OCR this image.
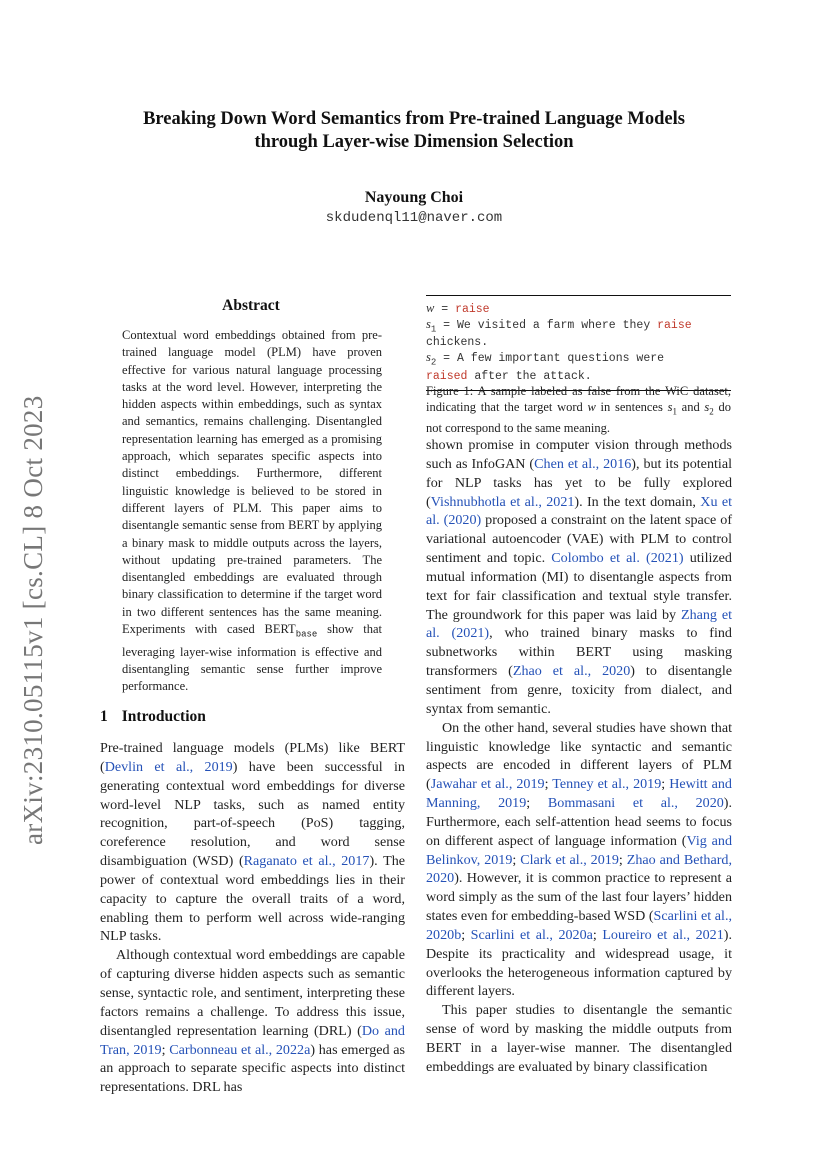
arXiv:2310.05115v1 [cs.CL] 8 Oct 2023
Breaking Down Word Semantics from Pre-trained Language Models
through Layer-wise Dimension Selection
Nayoung Choi
skdudenql11@naver.com
Abstract
Contextual word embeddings obtained from pre-trained language model (PLM) have proven effective for various natural language processing tasks at the word level. However, interpreting the hidden aspects within embeddings, such as syntax and semantics, remains challenging. Disentangled representation learning has emerged as a promising approach, which separates specific aspects into distinct embeddings. Furthermore, different linguistic knowledge is believed to be stored in different layers of PLM. This paper aims to disentangle semantic sense from BERT by applying a binary mask to middle outputs across the layers, without updating pre-trained parameters. The disentangled embeddings are evaluated through binary classification to determine if the target word in two different sentences has the same meaning. Experiments with cased $BERT_{base}$ show that leveraging layer-wise information is effective and disentangling semantic sense further improve performance.
1 Introduction

Pre-trained language models (PLMs) like BERT (Devlin et al., 2019) have been successful in generating contextual word embeddings for diverse word-level NLP tasks, such as named entity recognition, part-of-speech (PoS) tagging, coreference resolution, and word sense disambiguation (WSD) (Raganato et al., 2017). The power of contextual word embeddings lies in their capacity to capture the overall traits of a word, enabling them to perform well across wide-ranging NLP tasks.

Although contextual word embeddings are capable of capturing diverse hidden aspects such as semantic sense, syntactic role, and sentiment, interpreting these factors remains a challenge. To address this issue, disentangled representation learning (DRL) (Do and Tran, 2019; Carbonneau et al., 2022a) has emerged as an approach to separate specific aspects into distinct representations. DRL has

w = raise
$s_1 = We$ visited a farm where they raise
chickens.
$s_2 = A$ few important questions were
raised after the attack.
Figure 1: A sample labeled as false from the WiC dataset, indicating that the target word w in sentences $s_1$ and $s_2$ do not correspond to the same meaning.

shown promise in computer vision through methods such as InfoGAN (Chen et al., 2016), but its potential for NLP tasks has yet to be fully explored (Vishnubhotla et al., 2021). In the text domain, Xu et al. (2020) proposed a constraint on the latent space of variational autoencoder (VAE) with PLM to control sentiment and topic. Colombo et al. (2021) utilized mutual information (MI) to disentangle aspects from text for fair classification and textual style transfer. The groundwork for this paper was laid by Zhang et al. (2021), who trained binary masks to find subnetworks within BERT using masking transformers (Zhao et al., 2020) to disentangle sentiment from genre, toxicity from dialect, and syntax from semantic.

On the other hand, several studies have shown that linguistic knowledge like syntactic and semantic aspects are encoded in different layers of PLM (Jawahar et al., 2019; Tenney et al., 2019; Hewitt and Manning, 2019; Bommasani et al., 2020). Furthermore, each self-attention head seems to focus on different aspect of language information (Vig and Belinkov, 2019; Clark et al., 2019; Zhao and Bethard, 2020). However, it is common practice to represent a word simply as the sum of the last four layers’ hidden states even for embedding-based WSD (Scarlini et al., 2020b; Scarlini et al., 2020a; Loureiro et al., 2021). Despite its practicality and widespread usage, it overlooks the heterogeneous information captured by different layers.

This paper studies to disentangle the semantic sense of word by masking the middle outputs from BERT in a layer-wise manner. The disentangled embeddings are evaluated by binary classification
